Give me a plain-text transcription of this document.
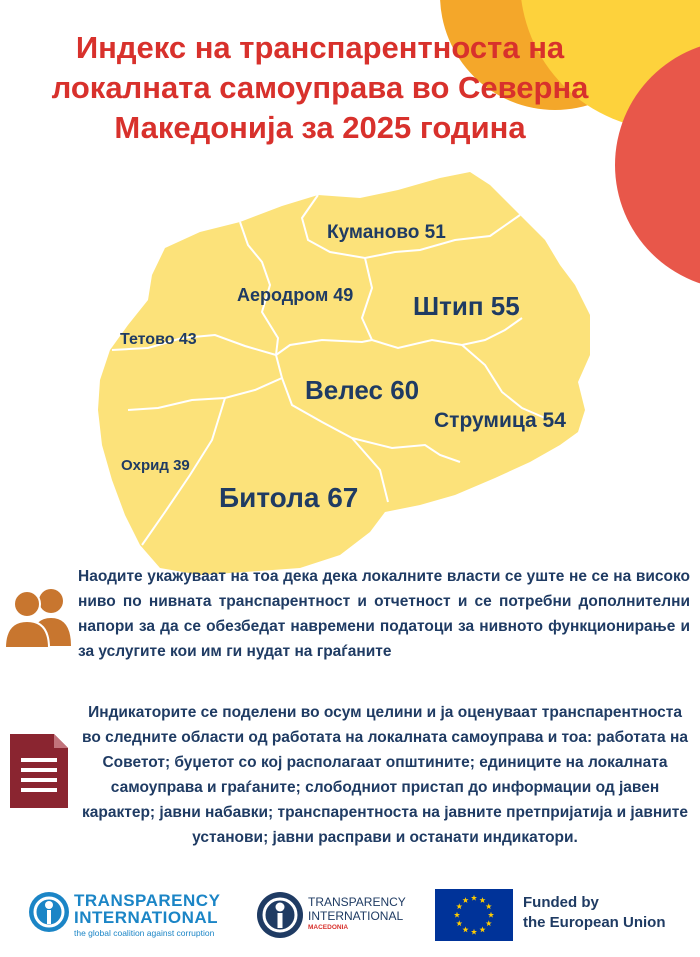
Индекс на транспарентноста на
локалната самоуправа во Северна
Македонија за 2025 година
Куманово 51
Аеродром 49 Штип 55
Тетово 43
Велес 60
Струмица 54
Охрид 39
Битола 67
Наодите укажуваат на тоа дека дека локалните власти се уште не се на високо ниво по нивната транспарентност и отчетност и се потребни дополнителни напори за да се обезбедат навремени податоци за нивното функционирање и за услугите кои им ги нудат на граѓаните
Индикаторите се поделени во осум целини и ја оценуваат транспарентноста во следните области од работата на локалната самоуправа и тоа: работата на Советот; буџетот со кој располагаат општините; единиците на локалната самоуправа и граѓаните; слободниот пристап до информации од јавен карактер; јавни набавки; транспарентноста на јавните претпријатија и јавните установи; јавни расправи и останати индикатори.
TRANSPARENCY
INTERNATIONAL
the global coalition against corruption
TRANSPARENCY
INTERNATIONAL
MACEDONIA
Funded by
the European Union
